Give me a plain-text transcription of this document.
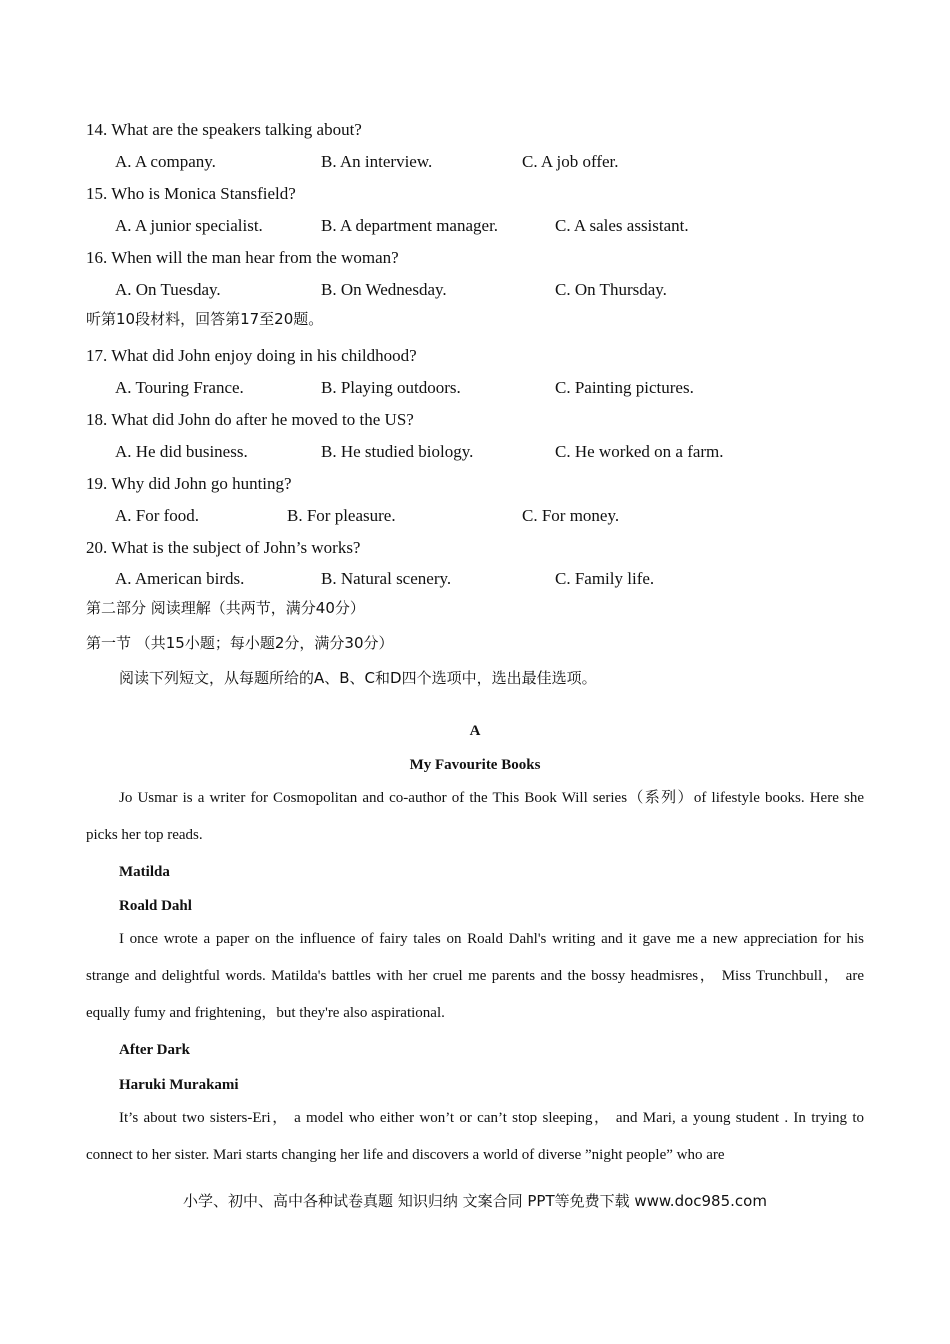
14. What are the speakers talking about?
A. A company.	B. An interview.	C. A job offer.
15. Who is Monica Stansfield?
A. A junior specialist.	B. A department manager.	C. A sales assistant.
16. When will the man hear from the woman?
A. On Tuesday.	B. On Wednesday.	C. On Thursday.
听第10段材料，回答第17至20题。
17. What did John enjoy doing in his childhood?
A. Touring France.	B. Playing outdoors.	C. Painting pictures.
18. What did John do after he moved to the US?
A. He did business.	B. He studied biology.	C. He worked on a farm.
19. Why did John go hunting?
A. For food.	B. For pleasure.	C. For money.
20. What is the subject of John’s works?
A. American birds.	B. Natural scenery.	C. Family life.
第二部分 阅读理解（共两节，满分40分）
第一节 （共15小题；每小题2分，满分30分）
阅读下列短文，从每题所给的A、B、C和D四个选项中，选出最佳选项。
A
My Favourite Books

Jo Usmar is a writer for Cosmopolitan and co-author of the This Book Will series（系列）of lifestyle books. Here she picks her top reads.

Matilda
Roald Dahl

I once wrote a paper on the influence of fairy tales on Roald Dahl's writing and it gave me a new appreciation for his strange and delightful words. Matilda's battles with her cruel me parents and the bossy headmisres， Miss Trunchbull， are equally fumy and frightening，but they're also aspirational.

After Dark
Haruki Murakami

It’s about two sisters-Eri， a model who either won’t or can’t stop sleeping， and Mari, a young student . In trying to connect to her sister. Mari starts changing her life and discovers a world of diverse ”night people” who are

小学、初中、高中各种试卷真题 知识归纳 文案合同 PPT等免费下载 www.doc985.com
